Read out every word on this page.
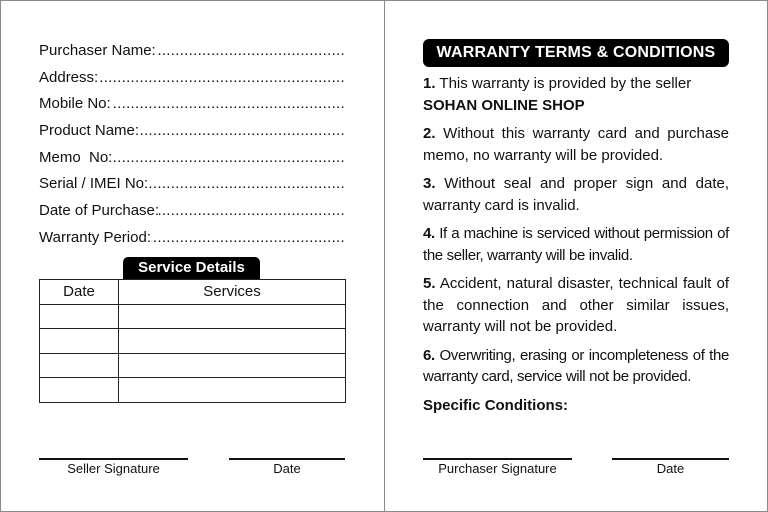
Purchaser Name:
.....
Address:
.....
Mobile No:
.....
Product Name:
.....
Memo  No:
.....
Serial / IMEI No:
.....
Date of Purchase:
.....
Warranty Period:
.....
Service Details
Date	Services

Seller Signature	Date
WARRANTY TERMS & CONDITIONS
1. This warranty is provided by the seller
SOHAN ONLINE SHOP
2. Without this warranty card and purchase memo, no warranty will be provided.
3. Without seal and proper sign and date, warranty card is invalid.
4. If a machine is serviced without permission of the seller, warranty will be invalid.
5. Accident, natural disaster, technical fault of the connection and other similar issues, warranty will not be provided.
6. Overwriting, erasing or incompleteness of the warranty card, service will not be provided.
Specific Conditions:
Purchaser Signature	Date
